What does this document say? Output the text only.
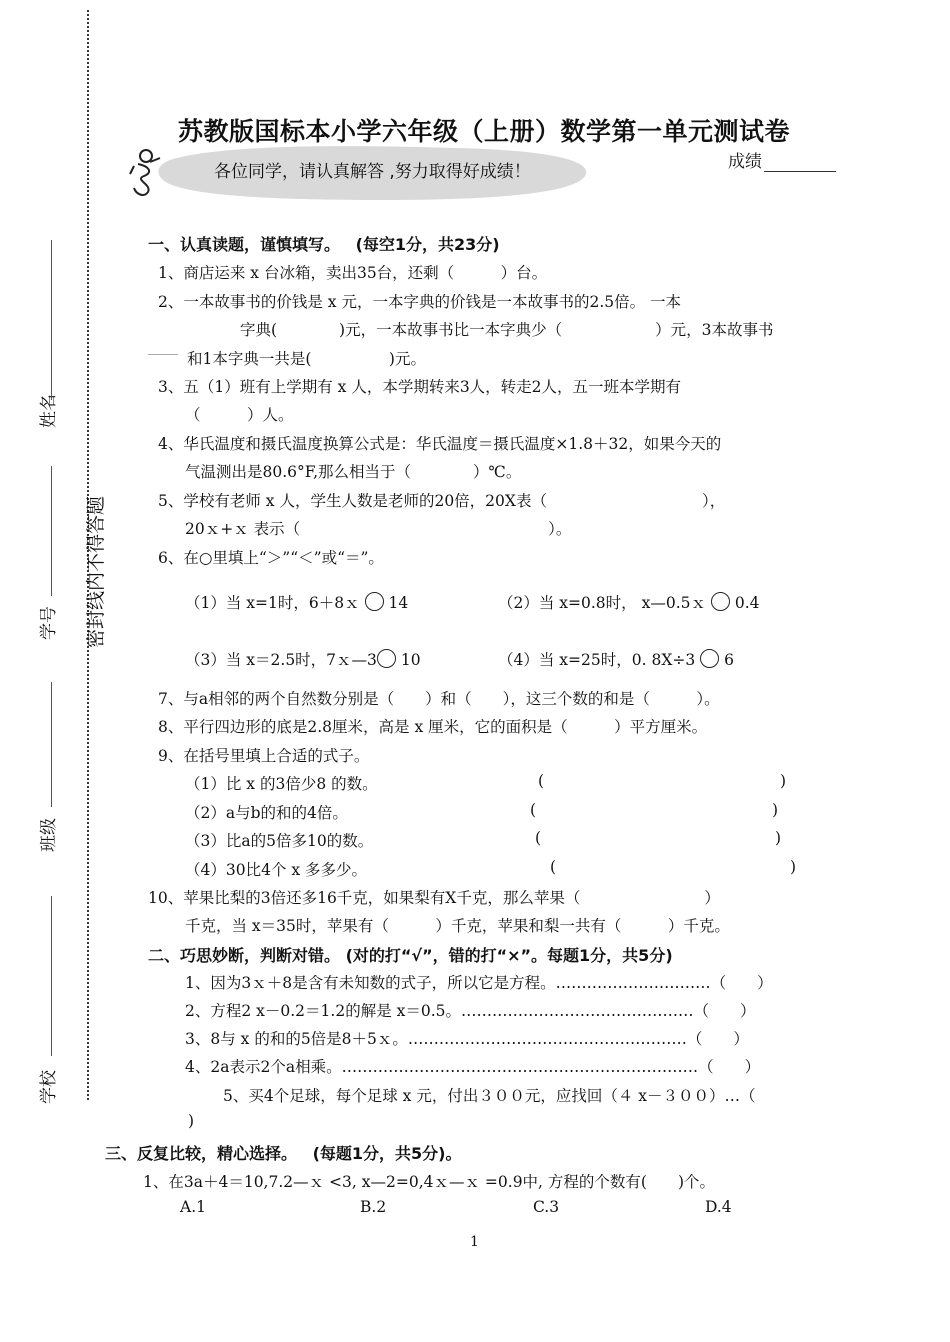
密封线内不得答题
姓名
学号
班级
学校
苏教版国标本小学六年级（上册）数学第一单元测试卷
成绩
各位同学，请认真解答 ,努力取得好成绩！
一、认真读题，谨慎填写。 (每空1分，共23分)
1、商店运来 x 台冰箱，卖出35台，还剩（　　　）台。
2、一本故事书的价钱是 x 元，一本字典的价钱是一本故事书的2.5倍。 一本
字典(　　　　)元，一本故事书比一本字典少（　　　　　　）元，3本故事书
和1本字典一共是(　　　　　)元。
3、五（1）班有上学期有 x 人，本学期转来3人，转走2人，五一班本学期有
（　　　）人。
4、华氏温度和摄氏温度换算公式是：华氏温度＝摄氏温度×1.8＋32，如果今天的
气温测出是80.6°F,那么相当于（　　　　）℃。
5、学校有老师 x 人，学生人数是老师的20倍，20X表（　　　　　　　　　　），
20ｘ+ｘ 表示（　　　　　　　　　　　　　　　　）。
6、在○里填上“＞”“＜”或“＝”。
（1）当 x=1时，6＋8ｘ 14	（2）当 x=0.8时， x—0.5ｘ 0.4
（3）当 x＝2.5时，7ｘ—3 10	（4）当 x=25时，0. 8X÷3 6
7、与a相邻的两个自然数分别是（　　）和（　　），这三个数的和是（　　　）。
8、平行四边形的底是2.8厘米，高是 x 厘米，它的面积是（　　　）平方厘米。
9、在括号里填上合适的式子。
（1）比 x 的3倍少8 的数。	(	)
（2）a与b的和的4倍。	(	)
（3）比a的5倍多10的数。	(	)
（4）30比4个 x 多多少。	(	)
10、苹果比梨的3倍还多16千克，如果梨有X千克，那么苹果（　　　　　　　　）
千克，当 x＝35时，苹果有（　　　）千克，苹果和梨一共有（　　　）千克。
二、巧思妙断，判断对错。 (对的打“√”，错的打“×”。每题1分，共5分)
1、因为3ｘ＋8是含有未知数的式子，所以它是方程。…………………………（　　）
2、方程2 x－0.2＝1.2的解是 x＝0.5。………………………………………（　　）
3、8与 x 的和的5倍是8＋5ｘ。………………………………………………（　　）
4、2a表示2个a相乘。……………………………………………………………（　　）
5、买4个足球，每个足球 x 元，付出３００元，应找回（４ x－３００）…（
)
三、反复比较，精心选择。 (每题1分，共5分)。
1、在3a＋4＝10,7.2—ｘ <3, x—2=0,4ｘ—ｘ =0.9中, 方程的个数有(　　)个。
A.1	B.2	C.3	D.4
1
